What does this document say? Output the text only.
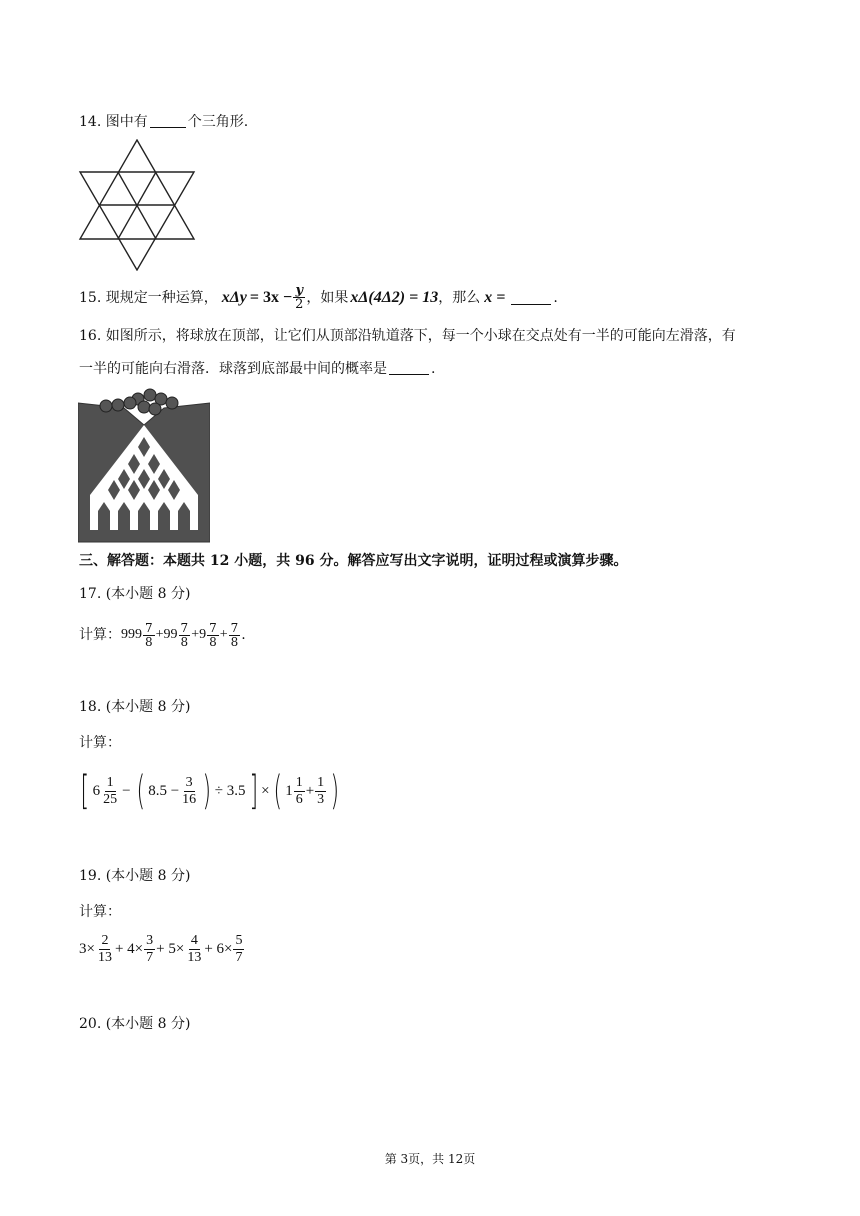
14. 图中有	个三角形.
15. 现规定一种运算， $x\Delta y = 3x - \frac{y}{2}$ ，如果 xΔ(4Δ2) = 13 ，那么 x =	.
16. 如图所示，将球放在顶部，让它们从顶部沿轨道落下，每一个小球在交点处有一半的可能向左滑落，有
一半的可能向右滑落．球落到底部最中间的概率是	.
三、解答题：本题共 12 小题，共 96 分。解答应写出文字说明，证明过程或演算步骤。
17. (本小题 8 分)
计算： $999 \frac{7}{8} +99 \frac{7}{8} +9 \frac{7}{8} + \frac{7}{8}$ .
18. (本小题 8 分)
计算：
[ $6 \frac{1}{25}$ − ( $8.5 - \frac{3}{16}$ ) ÷ 3.5 ] × ( $1 \frac{1}{6} + \frac{1}{3}$ )
19. (本小题 8 分)
计算：
$3\times \frac{2}{13} + 4\times \frac{3}{7} + 5\times \frac{4}{13} + 6\times \frac{5}{7}$
20. (本小题 8 分)
第 3页，共 12页
